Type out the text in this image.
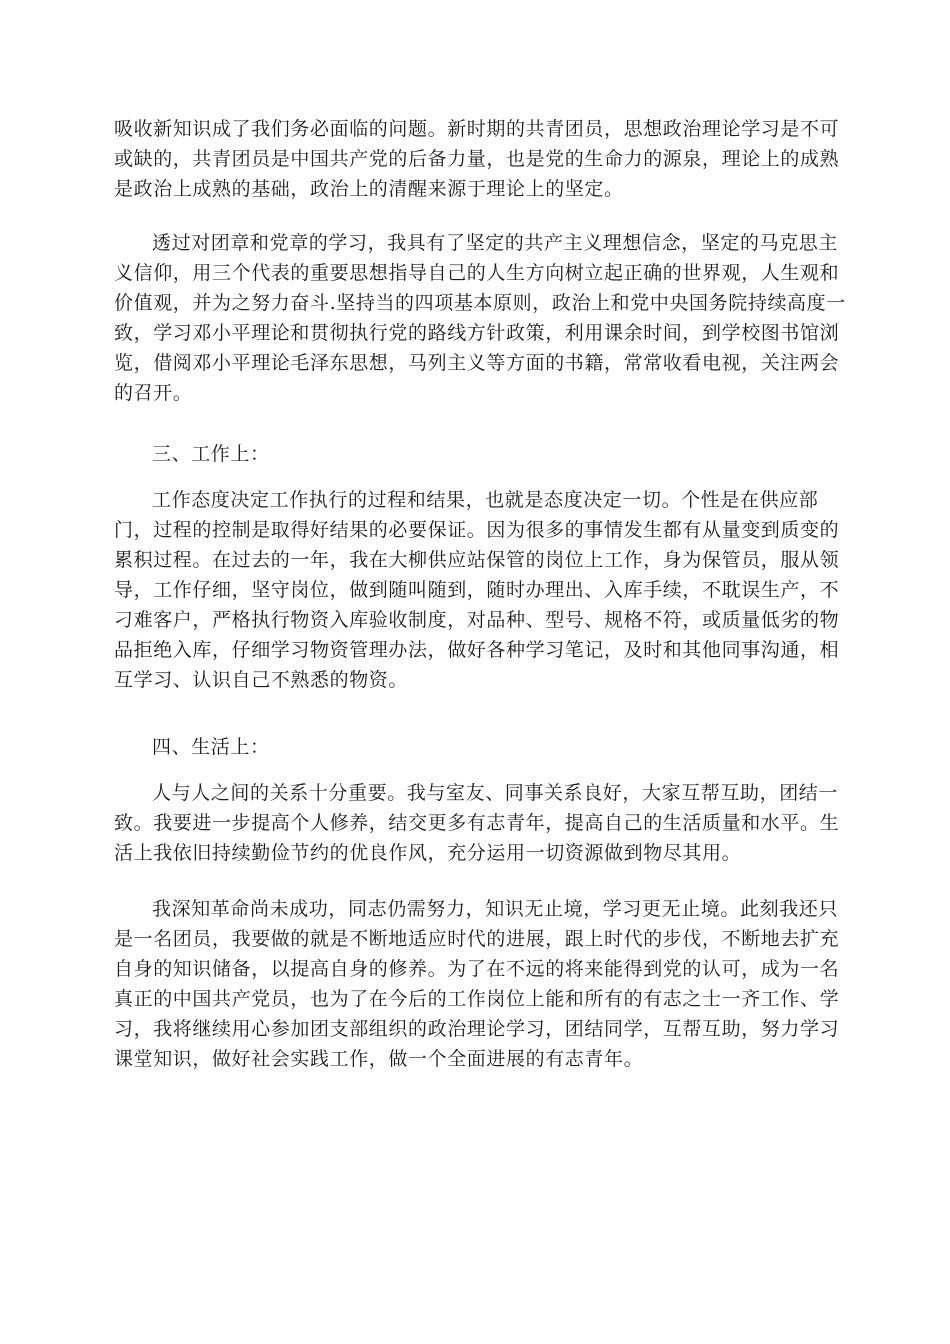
吸收新知识成了我们务必面临的问题。新时期的共青团员，思想政治理论学习是不可
或缺的，共青团员是中国共产党的后备力量，也是党的生命力的源泉，理论上的成熟
是政治上成熟的基础，政治上的清醒来源于理论上的坚定。
透过对团章和党章的学习，我具有了坚定的共产主义理想信念，坚定的马克思主
义信仰，用三个代表的重要思想指导自己的人生方向树立起正确的世界观，人生观和
价值观，并为之努力奋斗.坚持当的四项基本原则，政治上和党中央国务院持续高度一
致，学习邓小平理论和贯彻执行党的路线方针政策，利用课余时间，到学校图书馆浏
览，借阅邓小平理论毛泽东思想，马列主义等方面的书籍，常常收看电视，关注两会
的召开。
三、工作上：
工作态度决定工作执行的过程和结果，也就是态度决定一切。个性是在供应部
门，过程的控制是取得好结果的必要保证。因为很多的事情发生都有从量变到质变的
累积过程。在过去的一年，我在大柳供应站保管的岗位上工作，身为保管员，服从领
导，工作仔细，坚守岗位，做到随叫随到，随时办理出、入库手续，不耽误生产，不
刁难客户，严格执行物资入库验收制度，对品种、型号、规格不符，或质量低劣的物
品拒绝入库，仔细学习物资管理办法，做好各种学习笔记，及时和其他同事沟通，相
互学习、认识自己不熟悉的物资。
四、生活上：
人与人之间的关系十分重要。我与室友、同事关系良好，大家互帮互助，团结一
致。我要进一步提高个人修养，结交更多有志青年，提高自己的生活质量和水平。生
活上我依旧持续勤俭节约的优良作风，充分运用一切资源做到物尽其用。
我深知革命尚未成功，同志仍需努力，知识无止境，学习更无止境。此刻我还只
是一名团员，我要做的就是不断地适应时代的进展，跟上时代的步伐，不断地去扩充
自身的知识储备，以提高自身的修养。为了在不远的将来能得到党的认可，成为一名
真正的中国共产党员，也为了在今后的工作岗位上能和所有的有志之士一齐工作、学
习，我将继续用心参加团支部组织的政治理论学习，团结同学，互帮互助，努力学习
课堂知识，做好社会实践工作，做一个全面进展的有志青年。
